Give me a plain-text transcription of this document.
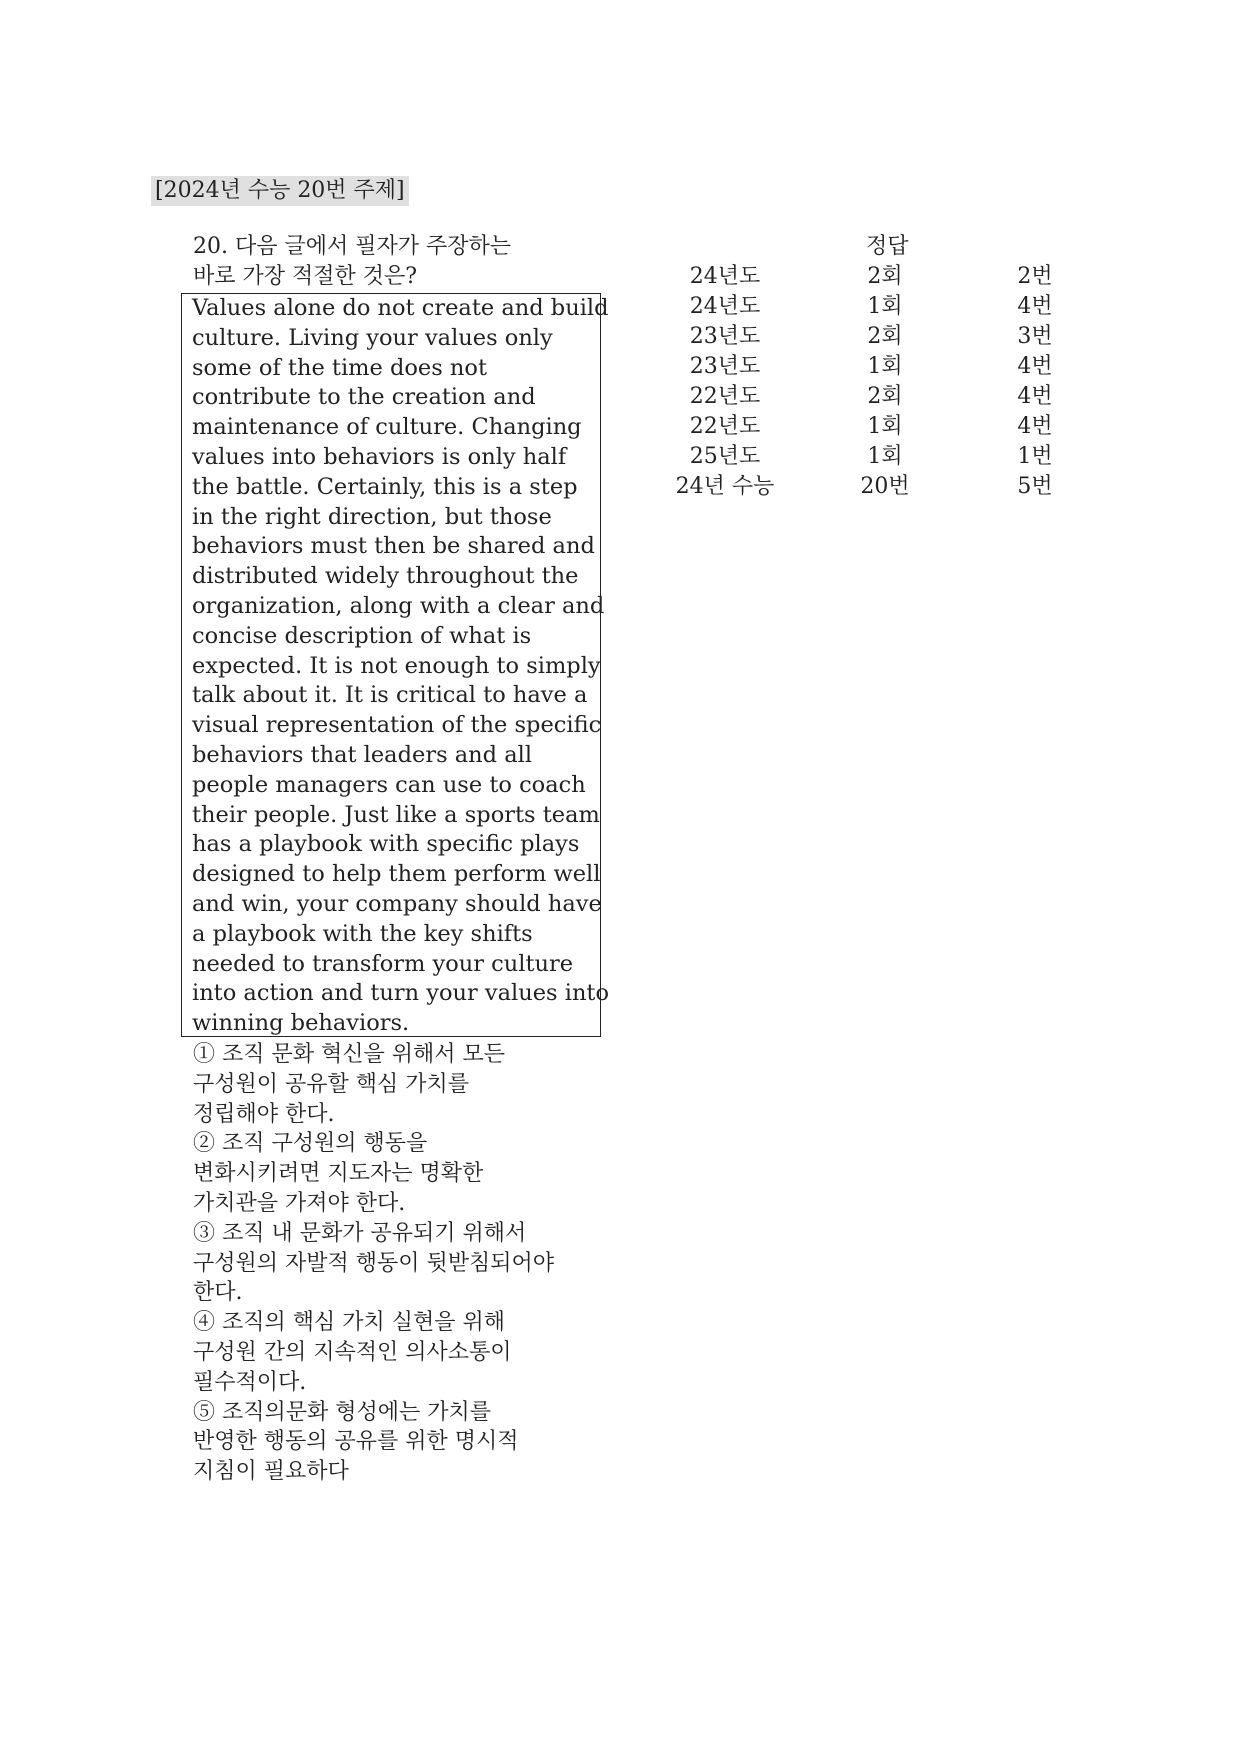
[2024년 수능 20번 주제]
20. 다음 글에서 필자가 주장하는
바로 가장 적절한 것은?
Values alone do not create and build
culture. Living your values only
some of the time does not
contribute to the creation and
maintenance of culture. Changing
values into behaviors is only half
the battle. Certainly, this is a step
in the right direction, but those
behaviors must then be shared and
distributed widely throughout the
organization, along with a clear and
concise description of what is
expected. It is not enough to simply
talk about it. It is critical to have a
visual representation of the specific
behaviors that leaders and all
people managers can use to coach
their people. Just like a sports team
has a playbook with specific plays
designed to help them perform well
and win, your company should have
a playbook with the key shifts
needed to transform your culture
into action and turn your values into
winning behaviors.
① 조직 문화 혁신을 위해서 모든
구성원이 공유할 핵심 가치를
정립해야 한다.
② 조직 구성원의 행동을
변화시키려면 지도자는 명확한
가치관을 가져야 한다.
③ 조직 내 문화가 공유되기 위해서
구성원의 자발적 행동이 뒷받침되어야
한다.
④ 조직의 핵심 가치 실현을 위해
구성원 간의 지속적인 의사소통이
필수적이다.
⑤ 조직의문화 형성에는 가치를
반영한 행동의 공유를 위한 명시적
지침이 필요하다
정답
24년도	2회	2번
24년도	1회	4번
23년도	2회	3번
23년도	1회	4번
22년도	2회	4번
22년도	1회	4번
25년도	1회	1번
24년 수능	20번	5번
